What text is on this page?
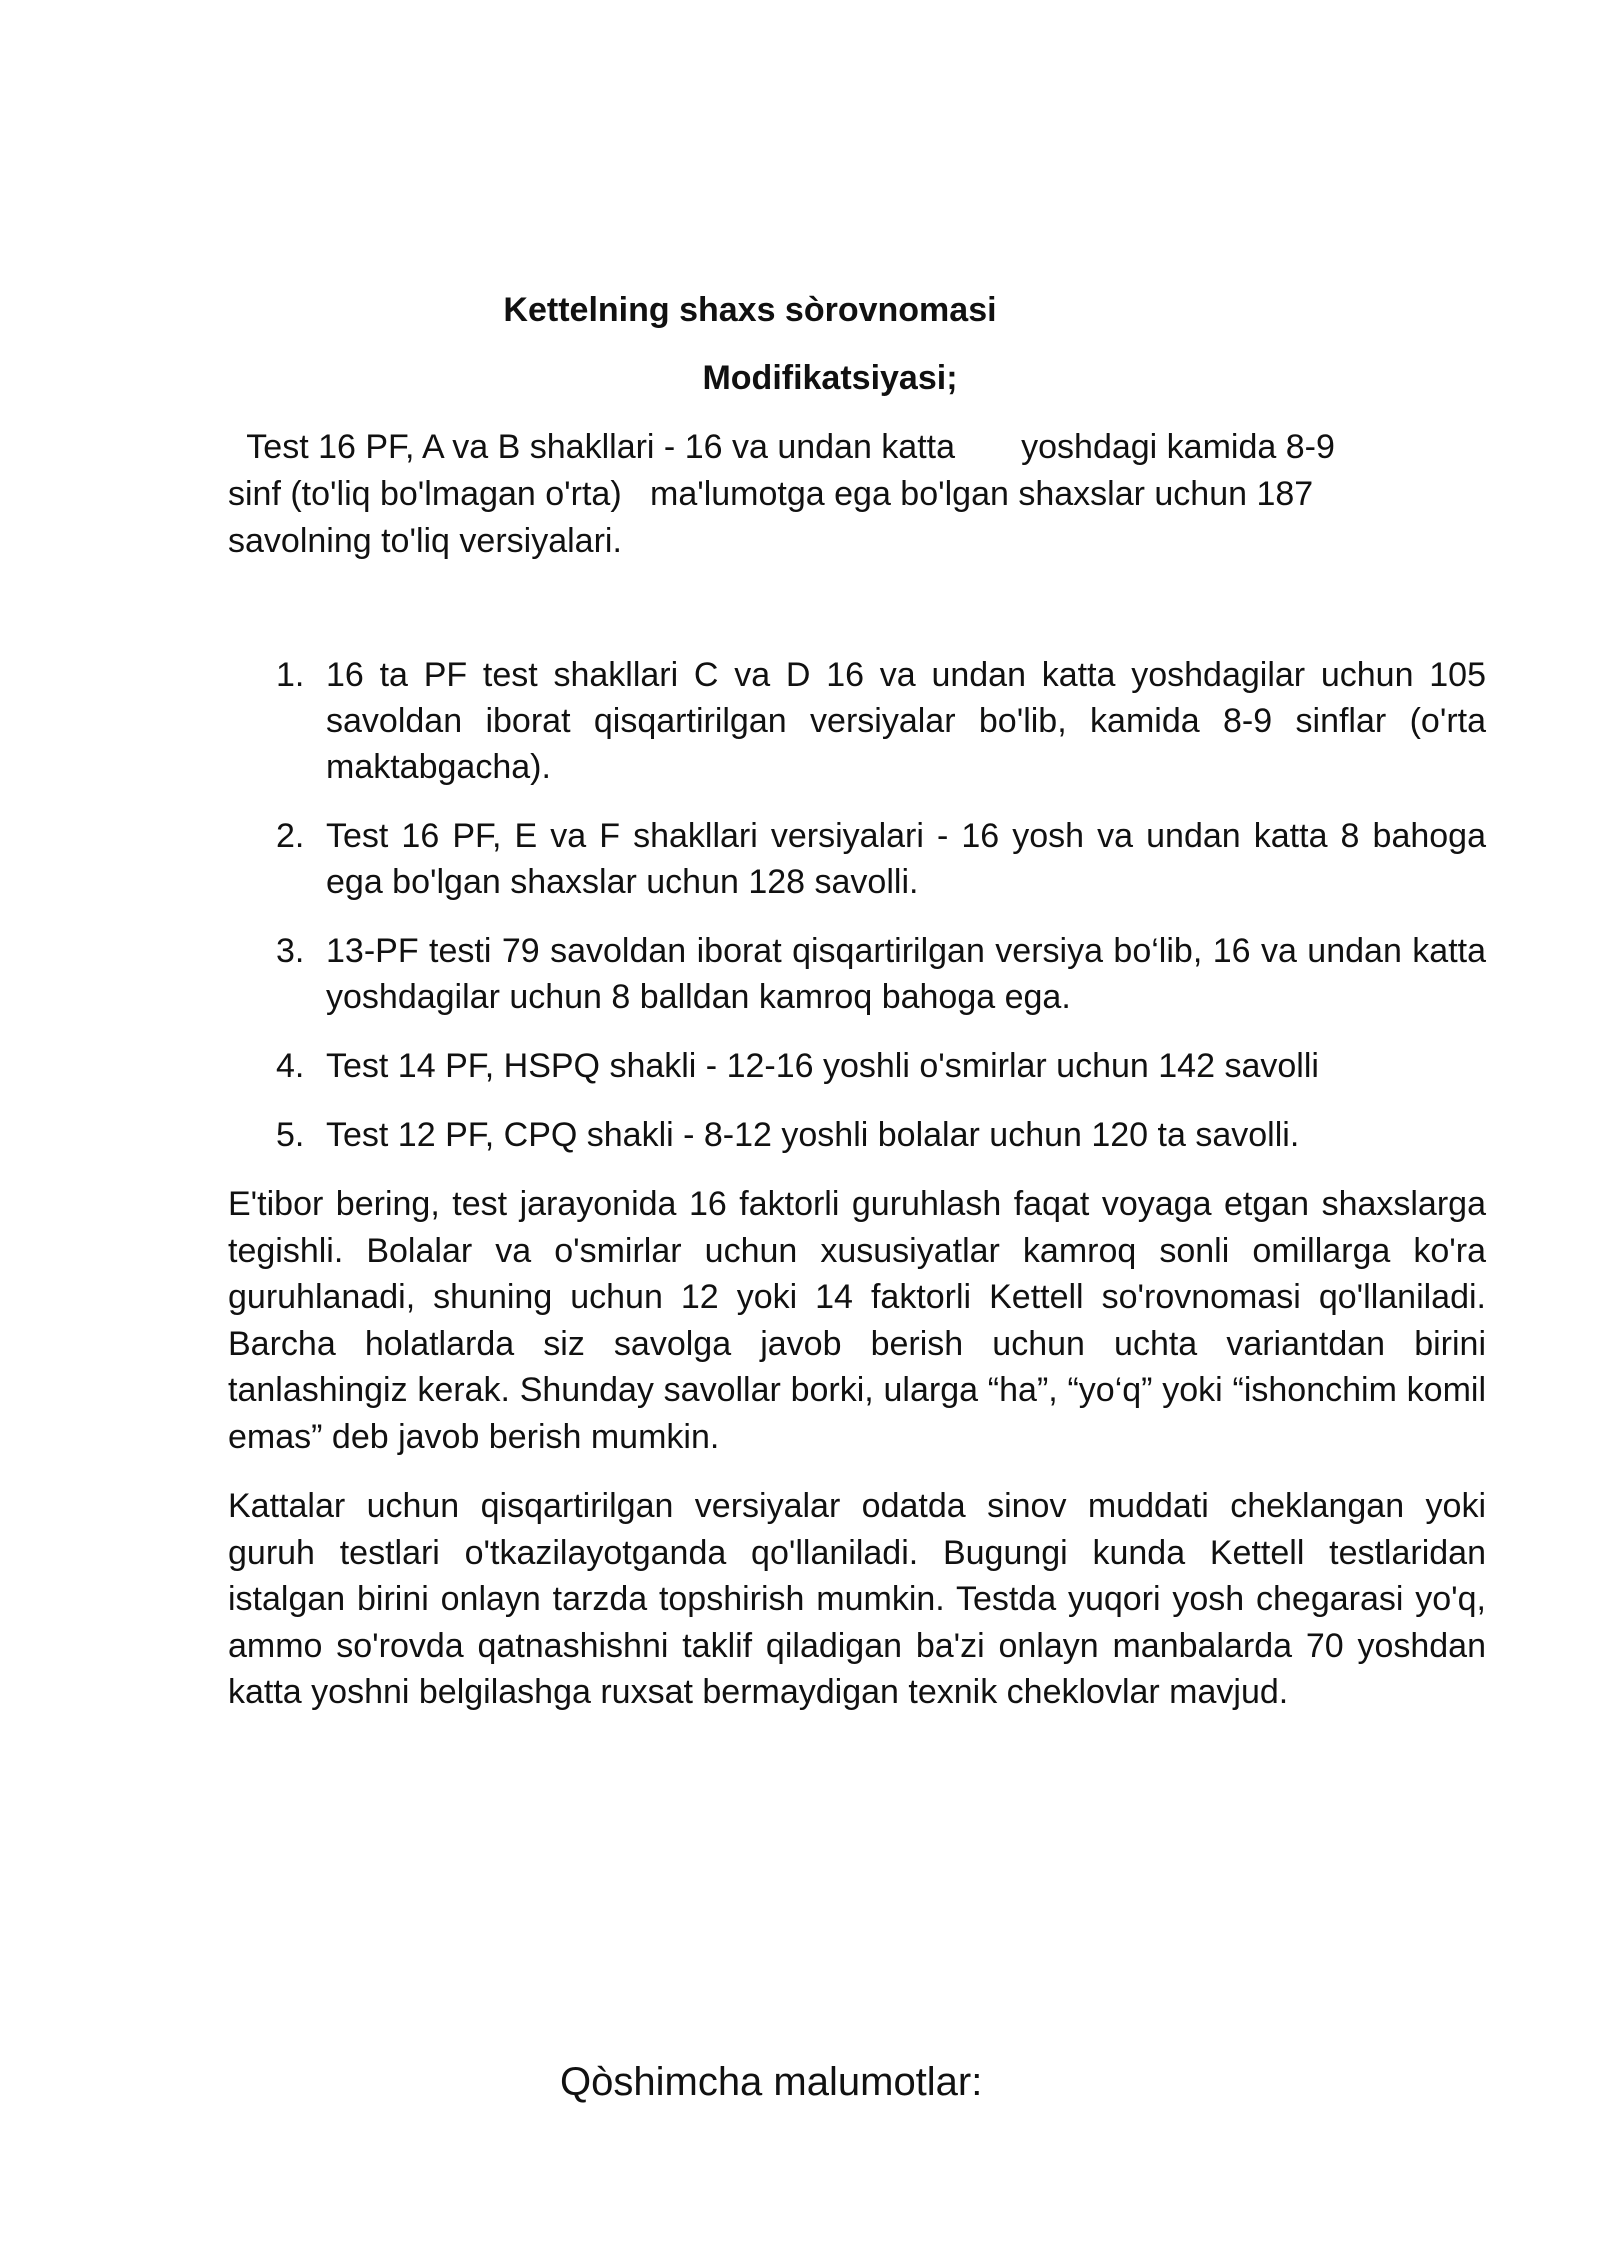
Kettelning shaxs sòrovnomasi
Modifikatsiyasi;

Test 16 PF, A va B shakllari - 16 va undan katta       yoshdagi kamida 8-9
sinf (to'liq bo'lmagan o'rta)   ma'lumotga ega bo'lgan shaxslar uchun 187
savolning to'liq versiyalari.

1. 16 ta PF test shakllari C va D 16 va undan katta yoshdagilar uchun 105 savoldan iborat qisqartirilgan versiyalar bo'lib, kamida 8-9 sinflar (o'rta maktabgacha).
2. Test 16 PF, E va F shakllari versiyalari - 16 yosh va undan katta 8 bahoga ega bo'lgan shaxslar uchun 128 savolli.
3. 13-PF testi 79 savoldan iborat qisqartirilgan versiya bo‘lib, 16 va undan katta yoshdagilar uchun 8 balldan kamroq bahoga ega.
4. Test 14 PF, HSPQ shakli - 12-16 yoshli o'smirlar uchun 142 savolli
5. Test 12 PF, CPQ shakli - 8-12 yoshli bolalar uchun 120 ta savolli.

E'tibor bering, test jarayonida 16 faktorli guruhlash faqat voyaga etgan shaxslarga tegishli. Bolalar va o'smirlar uchun xususiyatlar kamroq sonli omillarga ko'ra guruhlanadi, shuning uchun 12 yoki 14 faktorli Kettell so'rovnomasi qo'llaniladi. Barcha holatlarda siz savolga javob berish uchun uchta variantdan birini tanlashingiz kerak. Shunday savollar borki, ularga “ha”, “yo‘q” yoki “ishonchim komil emas” deb javob berish mumkin.

Kattalar uchun qisqartirilgan versiyalar odatda sinov muddati cheklangan yoki guruh testlari o'tkazilayotganda qo'llaniladi. Bugungi kunda Kettell testlaridan istalgan birini onlayn tarzda topshirish mumkin. Testda yuqori yosh chegarasi yo'q, ammo so'rovda qatnashishni taklif qiladigan ba'zi onlayn manbalarda 70 yoshdan katta yoshni belgilashga ruxsat bermaydigan texnik cheklovlar mavjud.

Qòshimcha malumotlar:
